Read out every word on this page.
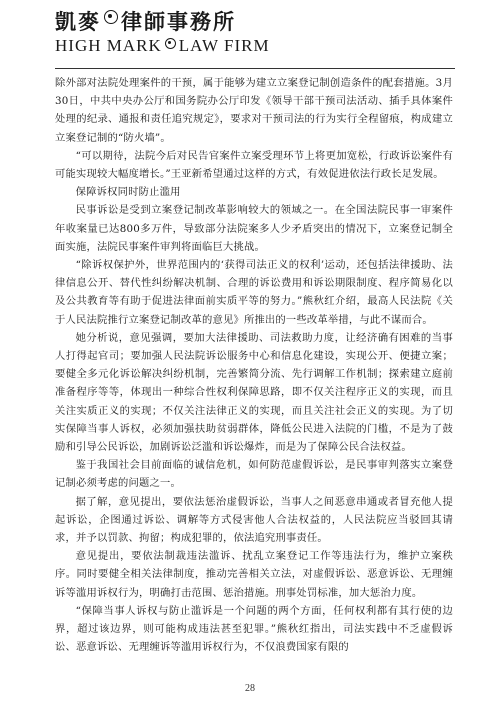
凱麥 律師事務所
HIGH MARK LAW FIRM

除外部对法院处理案件的干预，属于能够为建立立案登记制创造条件的配套措施。3月30日，中共中央办公厅和国务院办公厅印发《领导干部干预司法活动、插手具体案件处理的纪录、通报和责任追究规定》，要求对干预司法的行为实行全程留痕，构成建立立案登记制的“防火墙”。

“可以期待，法院今后对民告官案件立案受理环节上将更加宽松，行政诉讼案件有可能实现较大幅度增长。”王亚新希望通过这样的方式，有效促进依法行政长足发展。

保障诉权同时防止滥用

民事诉讼是受到立案登记制改革影响较大的领域之一。在全国法院民事一审案件年收案量已达800多万件，导致部分法院案多人少矛盾突出的情况下，立案登记制全面实施，法院民事案件审判将面临巨大挑战。

“除诉权保护外，世界范围内的‘获得司法正义的权利’运动，还包括法律援助、法律信息公开、替代性纠纷解决机制、合理的诉讼费用和诉讼期限制度、程序简易化以及公共教育等有助于促进法律面前实质平等的努力。”熊秋红介绍，最高人民法院《关于人民法院推行立案登记制改革的意见》所推出的一些改革举措，与此不谋而合。

她分析说，意见强调，要加大法律援助、司法救助力度，让经济确有困难的当事人打得起官司；要加强人民法院诉讼服务中心和信息化建设，实现公开、便捷立案；要健全多元化诉讼解决纠纷机制，完善繁简分流、先行调解工作机制；探索建立庭前准备程序等等，体现出一种综合性权利保障思路，即不仅关注程序正义的实现，而且关注实质正义的实现；不仅关注法律正义的实现，而且关注社会正义的实现。为了切实保障当事人诉权，必须加强扶助贫弱群体，降低公民进入法院的门槛，不是为了鼓励和引导公民诉讼，加剧诉讼泛滥和诉讼爆炸，而是为了保障公民合法权益。

鉴于我国社会目前面临的诚信危机，如何防范虚假诉讼，是民事审判落实立案登记制必须考虑的问题之一。

据了解，意见提出，要依法惩治虚假诉讼，当事人之间恶意串通或者冒充他人提起诉讼，企图通过诉讼、调解等方式侵害他人合法权益的，人民法院应当驳回其请求，并予以罚款、拘留；构成犯罪的，依法追究刑事责任。

意见提出，要依法制裁违法滥诉、扰乱立案登记工作等违法行为，维护立案秩序。同时要健全相关法律制度，推动完善相关立法，对虚假诉讼、恶意诉讼、无理缠诉等滥用诉权行为，明确打击范围、惩治措施。刑事处罚标准，加大惩治力度。

“保障当事人诉权与防止滥诉是一个问题的两个方面，任何权利都有其行使的边界，超过该边界，则可能构成违法甚至犯罪。”熊秋红指出，司法实践中不乏虚假诉讼、恶意诉讼、无理缠诉等滥用诉权行为，不仅浪费国家有限的

28
